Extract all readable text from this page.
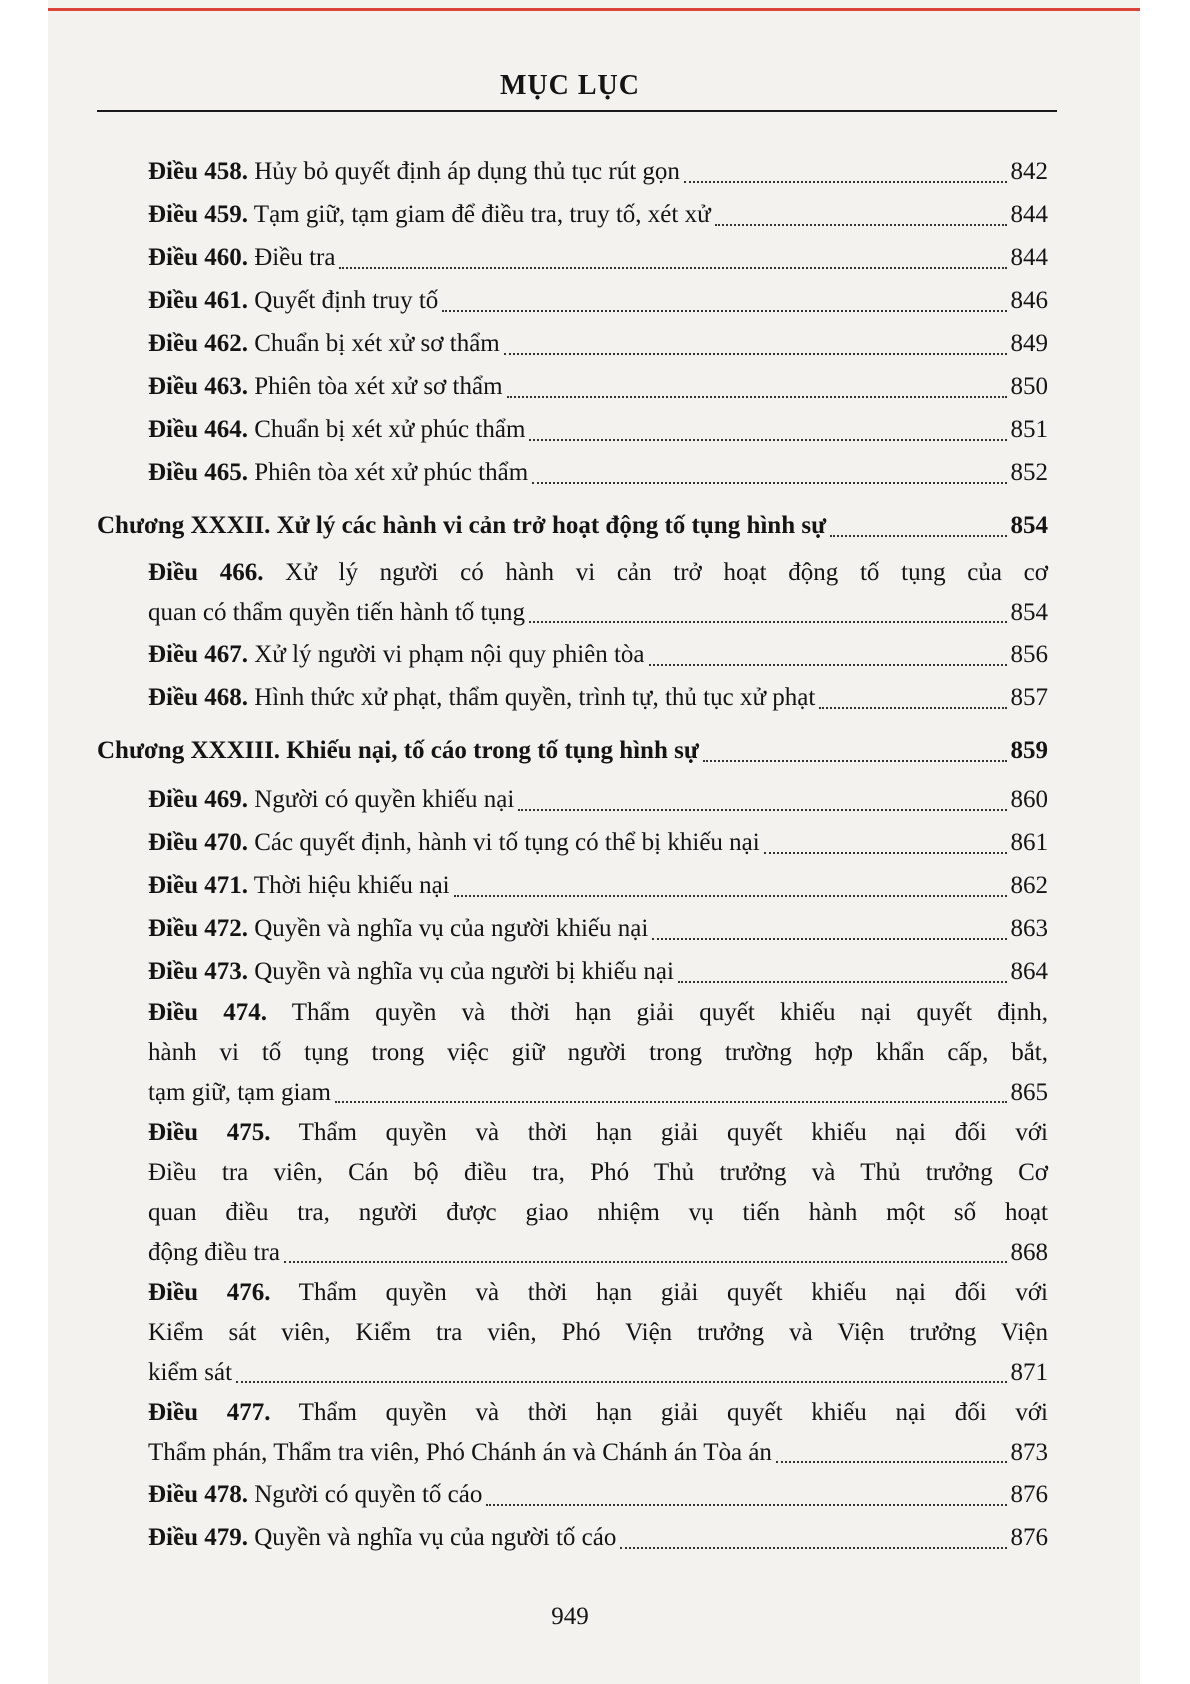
MỤC LỤC
Điều 458. Hủy bỏ quyết định áp dụng thủ tục rút gọn	842
Điều 459. Tạm giữ, tạm giam để điều tra, truy tố, xét xử	844
Điều 460. Điều tra	844
Điều 461. Quyết định truy tố	846
Điều 462. Chuẩn bị xét xử sơ thẩm	849
Điều 463. Phiên tòa xét xử sơ thẩm	850
Điều 464. Chuẩn bị xét xử phúc thẩm	851
Điều 465. Phiên tòa xét xử phúc thẩm	852
Chương XXXII. Xử lý các hành vi cản trở hoạt động tố tụng hình sự	854
Điều 466. Xử lý người có hành vi cản trở hoạt động tố tụng của cơ
quan có thẩm quyền tiến hành tố tụng	854
Điều 467. Xử lý người vi phạm nội quy phiên tòa	856
Điều 468. Hình thức xử phạt, thẩm quyền, trình tự, thủ tục xử phạt	857
Chương XXXIII. Khiếu nại, tố cáo trong tố tụng hình sự	859
Điều 469. Người có quyền khiếu nại	860
Điều 470. Các quyết định, hành vi tố tụng có thể bị khiếu nại	861
Điều 471. Thời hiệu khiếu nại	862
Điều 472. Quyền và nghĩa vụ của người khiếu nại	863
Điều 473. Quyền và nghĩa vụ của người bị khiếu nại	864
Điều 474. Thẩm quyền và thời hạn giải quyết khiếu nại quyết định,
hành vi tố tụng trong việc giữ người trong trường hợp khẩn cấp, bắt,
tạm giữ, tạm giam	865
Điều 475. Thẩm quyền và thời hạn giải quyết khiếu nại đối với
Điều tra viên, Cán bộ điều tra, Phó Thủ trưởng và Thủ trưởng Cơ
quan điều tra, người được giao nhiệm vụ tiến hành một số hoạt
động điều tra	868
Điều 476. Thẩm quyền và thời hạn giải quyết khiếu nại đối với
Kiểm sát viên, Kiểm tra viên, Phó Viện trưởng và Viện trưởng Viện
kiểm sát	871
Điều 477. Thẩm quyền và thời hạn giải quyết khiếu nại đối với
Thẩm phán, Thẩm tra viên, Phó Chánh án và Chánh án Tòa án	873
Điều 478. Người có quyền tố cáo	876
Điều 479. Quyền và nghĩa vụ của người tố cáo	876
949
